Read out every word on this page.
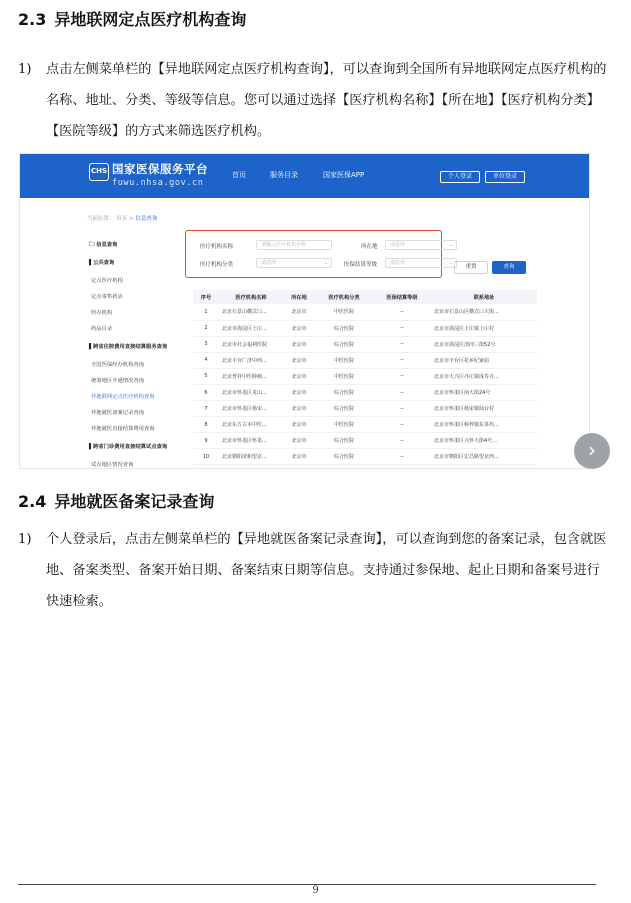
2.3 异地联网定点医疗机构查询
1) 点击左侧菜单栏的【异地联网定点医疗机构查询】，可以查询到全国所有异地联网定点医疗机构的名称、地址、分类、等级等信息。您可以通过选择【医疗机构名称】【所在地】【医疗机构分类】【医院等级】的方式来筛选医疗机构。
CHS 国家医保服务平台
fuwu.nhsa.gov.cn
首页	服务目录	国家医保APP	个人登录	单位登录
当前位置： 首页 > 信息查询
🗀 信息查询
▌公共查询
定点医疗机构
定点零售药店
经办机构
药品目录
▌跨省住院费用直接结算服务查询
全国医保经办机构查询
统筹地区开通情况查询
异地联网定点医疗机构查询
异地就医备案记录查询
异地就医直接结算费用查询
▌跨省门诊费用直接结算试点查询
试点地区情况查询
医疗机构名称	请输入医疗机构名称	所在地	请选择	⌄
医疗机构分类	请选择	⌄	医保结算等级	请选择	⌄
重置	查询
序号	医疗机构名称	所在地	医疗机构分类	医保结算等级	联系地址
1	北京石景山横式口...	北京市	中医医院	--	北京市石景山区横式口大街...
2	北京市海淀区上庄...	北京市	综合医院	--	北京市海淀区上庄镇上庄村
3	北京市社会福利医院	北京市	综合医院	--	北京市海淀区清河三街52号
4	北京丰台广济中西...	北京市	中医医院	--	北京市丰台区花乡纪家庙
5	北京普祥中医肿瘤...	北京市	中医医院	--	北京市大兴区亦庄镇成寿寺...
6	北京市怀柔区龙山...	北京市	综合医院	--	北京市怀柔区南大街24号
7	北京市怀柔区杨宋...	北京市	综合医院	--	北京市怀柔区杨宋镇仙台村
8	北京东方古本中医...	北京市	中医医院	--	北京市怀柔区桥梓镇东茶坞...
9	北京市怀柔区怀柔...	北京市	综合医院	--	北京市怀柔区兴怀大街4号...
10	北京朝阳凌和望京...	北京市	综合医院	--	北京市朝阳区宏昌路望京西...	›
2.4 异地就医备案记录查询
1) 个人登录后，点击左侧菜单栏的【异地就医备案记录查询】，可以查询到您的备案记录，包含就医地、备案类型、备案开始日期、备案结束日期等信息。支持通过参保地、起止日期和备案号进行快速检索。
9
